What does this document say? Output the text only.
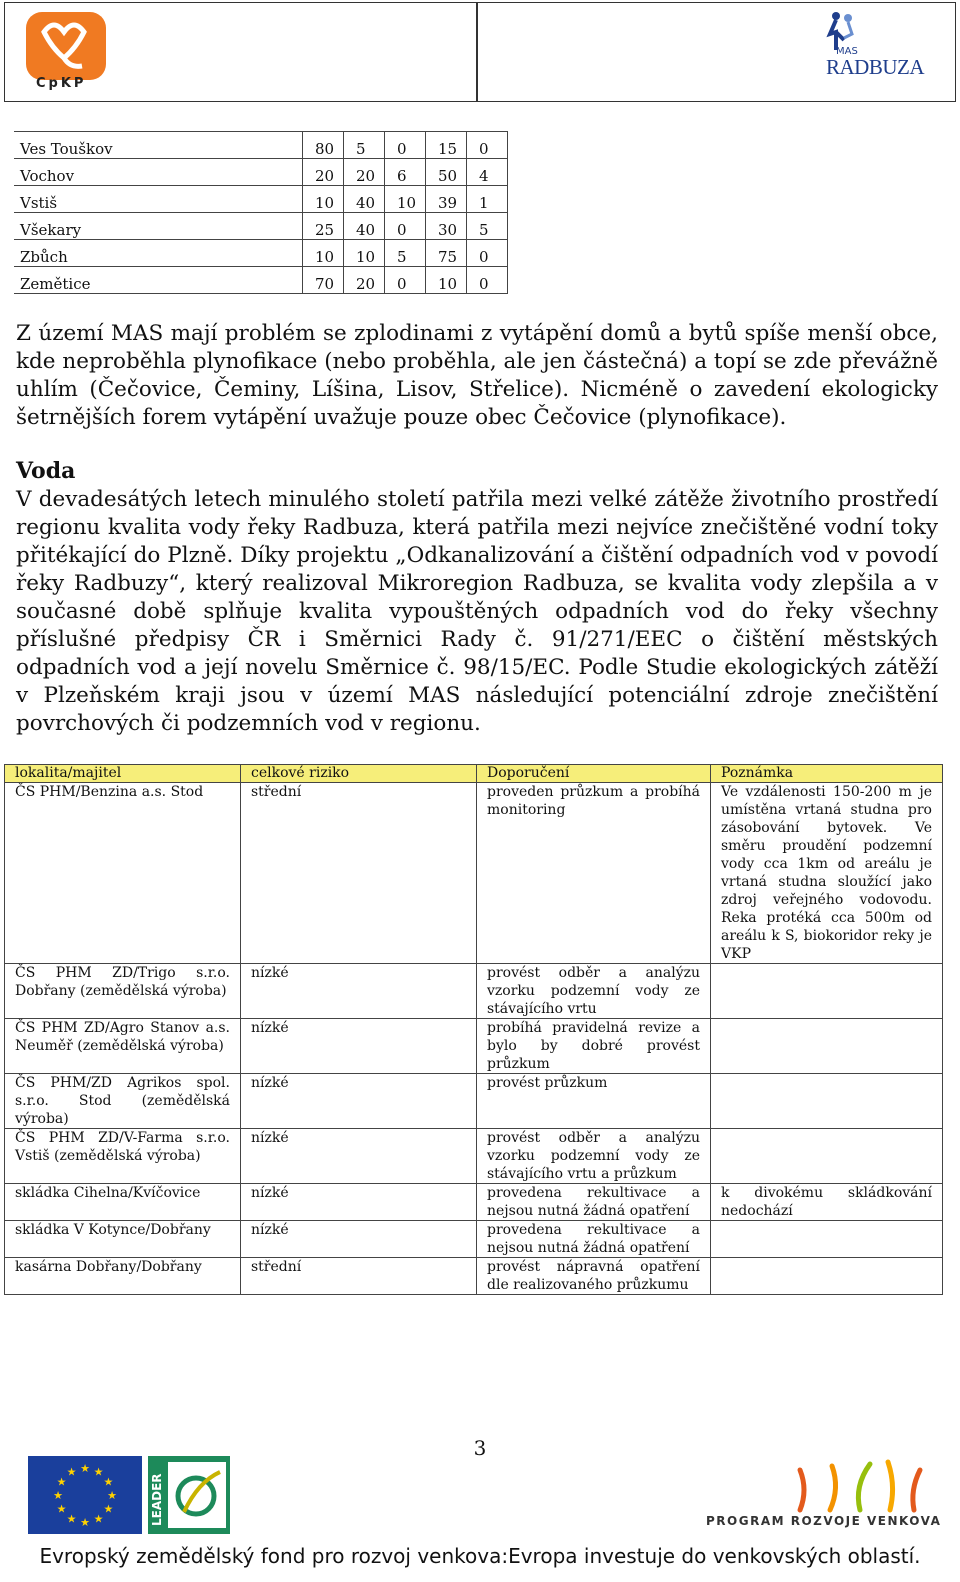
CpKP
MAS
RADBUZA
Ves Touškov	80	5	0	15	0
Vochov	20	20	6	50	4
Vstiš	10	40	10	39	1
Všekary	25	40	0	30	5
Zbůch	10	10	5	75	0
Zemětice	70	20	0	10	0

Z území MAS mají problém se zplodinami z vytápění domů a bytů spíše menší obce, kde neproběhla plynofikace (nebo proběhla, ale jen částečná) a topí se zde převážně uhlím (Čečovice, Čeminy, Líšina, Lisov, Střelice). Nicméně o zavedení ekologicky šetrnějších forem vytápění uvažuje pouze obec Čečovice (plynofikace).

Voda

V devadesátých letech minulého století patřila mezi velké zátěže životního prostředí regionu kvalita vody řeky Radbuza, která patřila mezi nejvíce znečištěné vodní toky přitékající do Plzně. Díky projektu „Odkanalizování a čištění odpadních vod v povodí řeky Radbuzy“, který realizoval Mikroregion Radbuza, se kvalita vody zlepšila a v současné době splňuje kvalita vypouštěných odpadních vod do řeky všechny příslušné předpisy ČR i Směrnici Rady č. 91/271/EEC o čištění městských odpadních vod a její novelu Směrnice č. 98/15/EC. Podle Studie ekologických zátěží v Plzeňském kraji jsou v území MAS následující potenciální zdroje znečištění povrchových či podzemních vod v regionu.

lokalita/majitel	celkové riziko	Doporučení	Poznámka
ČS PHM/Benzina a.s. Stod	střední	proveden průzkum a probíhá monitoring	Ve vzdálenosti 150-200 m je umístěna vrtaná studna pro zásobování bytovek. Ve směru proudění podzemní vody cca 1km od areálu je vrtaná studna sloužící jako zdroj veřejného vodovodu. Reka protéká cca 500m od areálu k S, biokoridor reky je VKP
ČS PHM ZD/Trigo s.r.o. Dobřany (zemědělská výroba)	nízké	provést odběr a analýzu vzorku podzemní vody ze stávajícího vrtu	
ČS PHM ZD/Agro Stanov a.s. Neuměř (zemědělská výroba)	nízké	probíhá pravidelná revize a bylo by dobré provést průzkum	
ČS PHM/ZD Agrikos spol. s.r.o. Stod (zemědělská výroba)	nízké	provést průzkum	
ČS PHM ZD/V-Farma s.r.o. Vstiš (zemědělská výroba)	nízké	provést odběr a analýzu vzorku podzemní vody ze stávajícího vrtu a průzkum	
skládka Cihelna/Kvíčovice	nízké	provedena rekultivace a nejsou nutná žádná opatření	k divokému skládkování nedochází
skládka V Kotynce/Dobřany	nízké	provedena rekultivace a nejsou nutná žádná opatření	
kasárna Dobřany/Dobřany	střední	provést nápravná opatření dle realizovaného průzkumu	
3
★
★
★
★
★
★
★
★
★ ★ ★
★	LEADER	PROGRAM ROZVOJE VENKOVA
Evropský zemědělský fond pro rozvoj venkova:Evropa investuje do venkovských oblastí.
